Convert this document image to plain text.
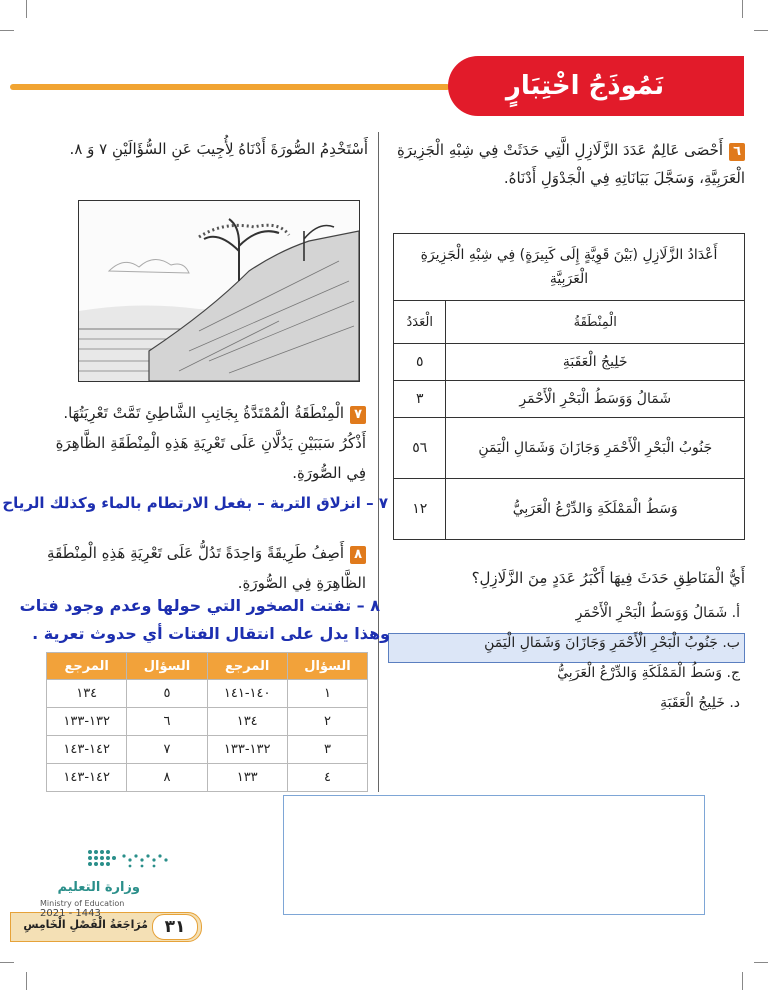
نَمُوذَجُ اخْتِبَارٍ
٦أَحْصَى عَالِمٌ عَدَدَ الزَّلَازِلِ الَّتِي حَدَثَتْ فِي شِبْهِ الْجَزِيرَةِ الْعَرَبِيَّةِ، وَسَجَّلَ بَيَانَاتِهِ فِي الْجَدْوَلِ أَدْنَاهُ.
أَعْدَادُ الزَّلَازِلِ (بَيْنَ قَوِيَّةٍ إِلَى كَبِيرَةٍ) فِي شِبْهِ الْجَزِيرَةِ الْعَرَبِيَّةِ	
الْمِنْطَقَةُ	الْعَدَدُ
خَلِيجُ الْعَقَبَةِ	٥
شَمَالُ وَوَسَطُ الْبَحْرِ الْأَحْمَرِ	٣
جَنُوبُ الْبَحْرِ الْأَحْمَرِ وَجَازَانَ وَشَمَالِ الْيَمَنِ	٥٦
وَسَطُ الْمَمْلَكَةِ وَالدِّرْعُ الْعَرَبِيُّ	١٢
أَيُّ الْمَنَاطِقِ حَدَثَ فِيهَا أَكْبَرُ عَدَدٍ مِنَ الزَّلَازِلِ؟
أ. شَمَالُ وَوَسَطُ الْبَحْرِ الْأَحْمَرِ
ب. جَنُوبُ الْبَحْرِ الْأَحْمَرِ وَجَازَانَ وَشَمَالِ الْيَمَنِ
ج. وَسَطُ الْمَمْلَكَةِ وَالدِّرْعُ الْعَرَبِيُّ
د. خَلِيجُ الْعَقَبَةِ
أَسْتَخْدِمُ الصُّورَةَ أَدْنَاهُ لِأُجِيبَ عَنِ السُّؤَالَيْنِ ٧ وَ ٨.
٧الْمِنْطَقَةُ الْمُمْتَدَّةُ بِجَانِبِ الشَّاطِئِ تَمَّتْ تَعْرِيَتُهَا. أَذْكُرُ سَبَبَيْنِ يَدُلَّانِ عَلَى تَعْرِيَةِ هَذِهِ الْمِنْطَقَةِ الظَّاهِرَةِ فِي الصُّورَةِ.
٧ – انزلاق التربة – بفعل الارتطام بالماء وكذلك الرياح
٨أَصِفُ طَرِيقَةً وَاحِدَةً تَدُلُّ عَلَى تَعْرِيَةِ هَذِهِ الْمِنْطَقَةِ الظَّاهِرَةِ فِي الصُّورَةِ.
٨ – تفتت الصخور التي حولها وعدم وجود فتات
وهذا يدل على انتقال الفتات أي حدوث تعرية .
السؤال	المرجع	السؤال	المرجع
١	١٤٠-١٤١	٥	١٣٤
٢	١٣٤	٦	١٣٢-١٣٣
٣	١٣٢-١٣٣	٧	١٤٢-١٤٣
٤	١٣٣	٨	١٤٢-١٤٣
وزارة التعليم
Ministry of Education
2021 - 1443
مُرَاجَعَةُ الْفَصْلِ الْخَامِسِ ٣١
